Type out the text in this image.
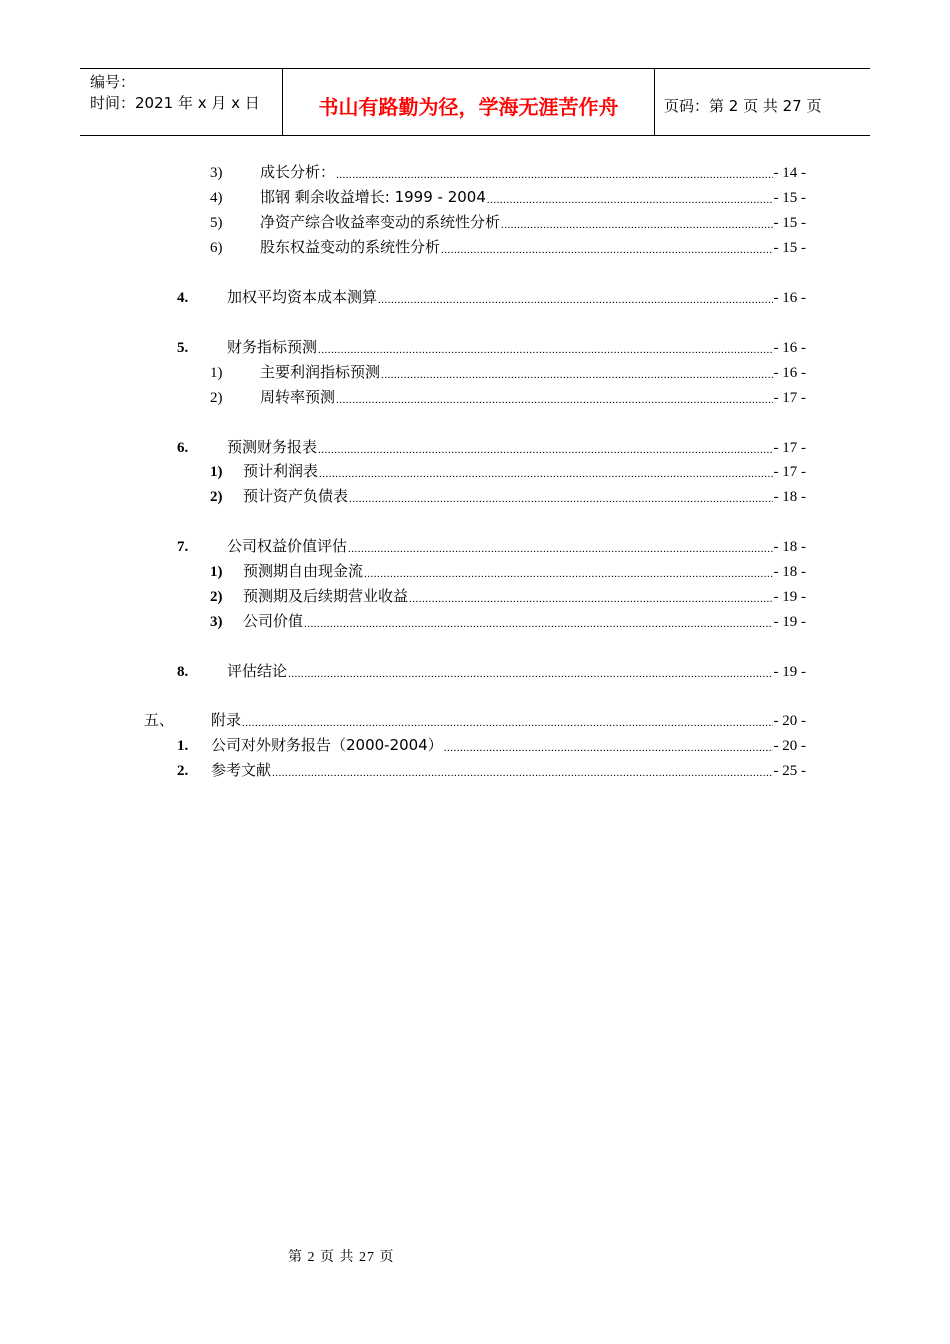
编号：
时间：2021 年 x 月 x 日	书山有路勤为径，学海无涯苦作舟	页码：第 2 页 共 27 页
3)	成长分析： .....	- 14 -
4)	邯钢 剩余收益增长: 1999 - 2004 .....	- 15 -
5)	净资产综合收益率变动的系统性分析 .....	- 15 -
6)	股东权益变动的系统性分析 .....	- 15 -
4.	加权平均资本成本测算 .....	- 16 -
5.	财务指标预测 .....	- 16 -
1)	主要利润指标预测 .....	- 16 -
2)	周转率预测 .....	- 17 -
6.	预测财务报表 .....	- 17 -
1)	预计利润表 .....	- 17 -
2)	预计资产负债表 .....	- 18 -
7.	公司权益价值评估 .....	- 18 -
1)	预测期自由现金流 .....	- 18 -
2)	预测期及后续期营业收益 .....	- 19 -
3)	公司价值 .....	- 19 -
8.	评估结论 .....	- 19 -
五、	附录 .....	- 20 -
1.	公司对外财务报告（2000-2004） .....	- 20 -
2.	参考文献 .....	- 25 -
第 2 页 共 27 页
